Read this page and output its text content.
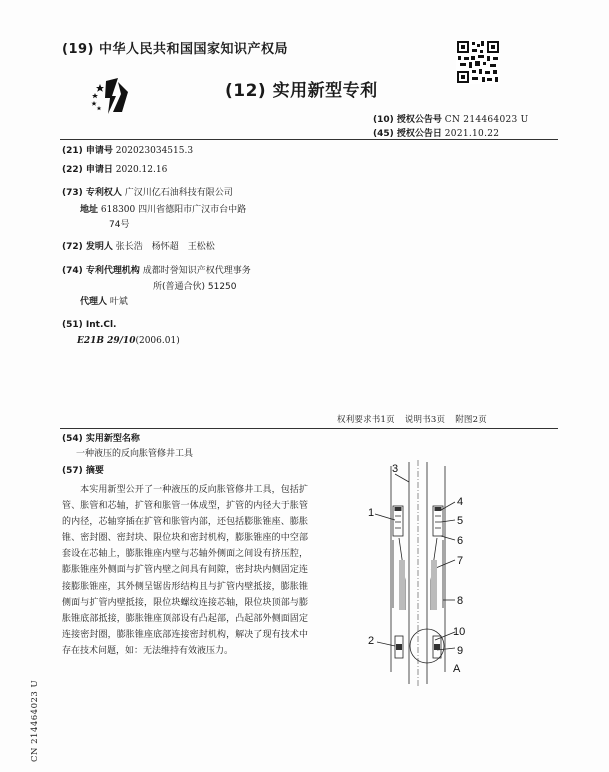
(19) 中华人民共和国国家知识产权局
(12) 实用新型专利
(10) 授权公告号 CN 214464023 U
(45) 授权公告日 2021.10.22
(21) 申请号 202023034515.3
(22) 申请日 2020.12.16
(73) 专利权人 广汉川亿石油科技有限公司
地址 618300 四川省德阳市广汉市台中路
74号
(72) 发明人 张长浩　杨怀超　王松松
(74) 专利代理机构 成都时誉知识产权代理事务
所(普通合伙) 51250
代理人 叶斌
(51) Int.Cl.
E21B 29/10(2006.01)
权利要求书1页 说明书3页 附图2页
(54) 实用新型名称
一种液压的反向胀管修井工具
(57) 摘要
本实用新型公开了一种液压的反向胀管修井工具，包括扩管、胀管和芯轴，扩管和胀管一体成型，扩管的内径大于胀管的内径，芯轴穿插在扩管和胀管内部，还包括膨胀锥座、膨胀锥、密封圈、密封块、限位块和密封机构，膨胀锥座的中空部套设在芯轴上，膨胀锥座内壁与芯轴外侧面之间设有挤压腔，膨胀锥座外侧面与扩管内壁之间具有间隙，密封块内侧固定连接膨胀锥座，其外侧呈锯齿形结构且与扩管内壁抵接，膨胀锥侧面与扩管内壁抵接，限位块螺纹连接芯轴，限位块顶部与膨胀锥底部抵接，膨胀锥座顶部设有凸起部，凸起部外侧面固定连接密封圈，膨胀锥座底部连接密封机构，解决了现有技术中存在技术问题，如：无法维持有效液压力。
3
1
4
5
6
7
8
2
10
9
A
CN 214464023 U
